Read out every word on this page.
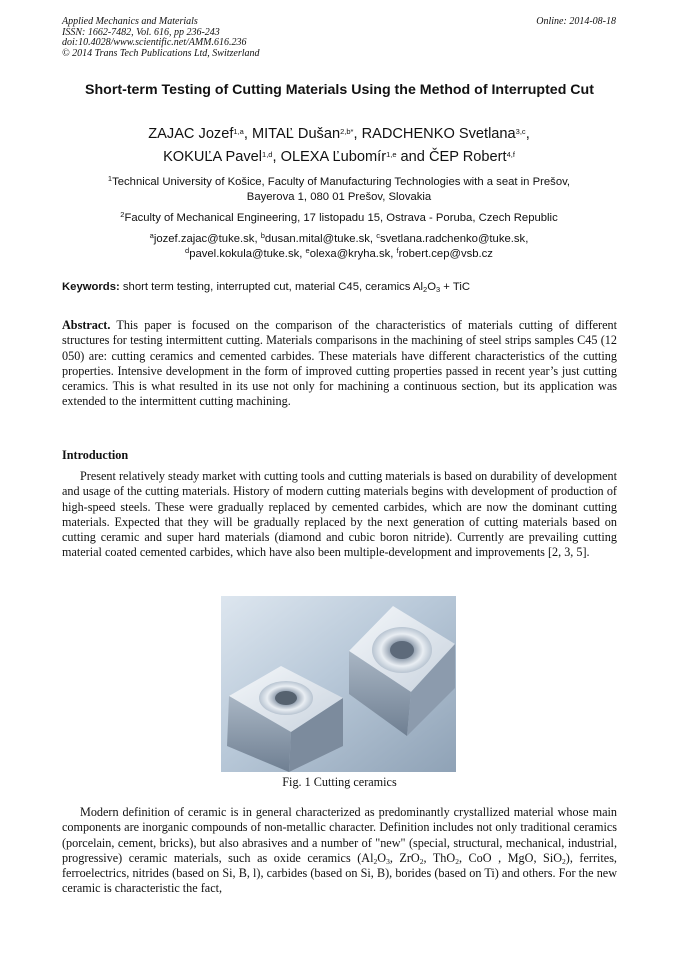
Applied Mechanics and Materials
ISSN: 1662-7482, Vol. 616, pp 236-243
doi:10.4028/www.scientific.net/AMM.616.236
© 2014 Trans Tech Publications Ltd, Switzerland
Online: 2014-08-18
Short-term Testing of Cutting Materials Using the Method of Interrupted Cut
ZAJAC Jozef$^{1,a}$, MITAĽ Dušan$^{2,b*}$, RADCHENKO Svetlana$^{3,c}$,
KOKUĽA Pavel$^{1,d}$, OLEXA Ľubomír$^{1,e}$ and ČEP Robert$^{4,f}$
$^1$Technical University of Košice, Faculty of Manufacturing Technologies with a seat in Prešov,
Bayerova 1, 080 01 Prešov, Slovakia
$^2$Faculty of Mechanical Engineering, 17 listopadu 15, Ostrava - Poruba, Czech Republic
$^a$jozef.zajac@tuke.sk, $^b$dusan.mital@tuke.sk, $^c$svetlana.radchenko@tuke.sk,
$^d$pavel.kokula@tuke.sk, $^e$olexa@kryha.sk, $^f$robert.cep@vsb.cz
Keywords: short term testing, interrupted cut, material C45, ceramics $Al_2O_3$ + TiC
Abstract. This paper is focused on the comparison of the characteristics of materials cutting of different structures for testing intermittent cutting. Materials comparisons in the machining of steel strips samples C45 (12 050) are: cutting ceramics and cemented carbides. These materials have different characteristics of the cutting properties. Intensive development in the form of improved cutting properties passed in recent year’s just cutting ceramics. This is what resulted in its use not only for machining a continuous section, but its application was extended to the intermittent cutting machining.
Introduction
Present relatively steady market with cutting tools and cutting materials is based on durability of development and usage of the cutting materials. History of modern cutting materials begins with development of production of high-speed steels. These were gradually replaced by cemented carbides, which are now the dominant cutting materials. Expected that they will be gradually replaced by the next generation of cutting materials based on cutting ceramic and super hard materials (diamond and cubic boron nitride). Currently are prevailing cutting material coated cemented carbides, which have also been multiple-development and improvements [2, 3, 5].
Fig. 1 Cutting ceramics
Modern definition of ceramic is in general characterized as predominantly crystallized material whose main components are inorganic compounds of non-metallic character. Definition includes not only traditional ceramics (porcelain, cement, bricks), but also abrasives and a number of "new" (special, structural, mechanical, industrial, progressive) ceramic materials, such as oxide ceramics ($Al_2O_3$, ZrO$_2$, ThO$_2$, CoO , MgO, SiO$_2$), ferrites, ferroelectrics, nitrides (based on Si, B, l), carbides (based on Si, B), borides (based on Ti) and others. For the new ceramic is characteristic the fact,
